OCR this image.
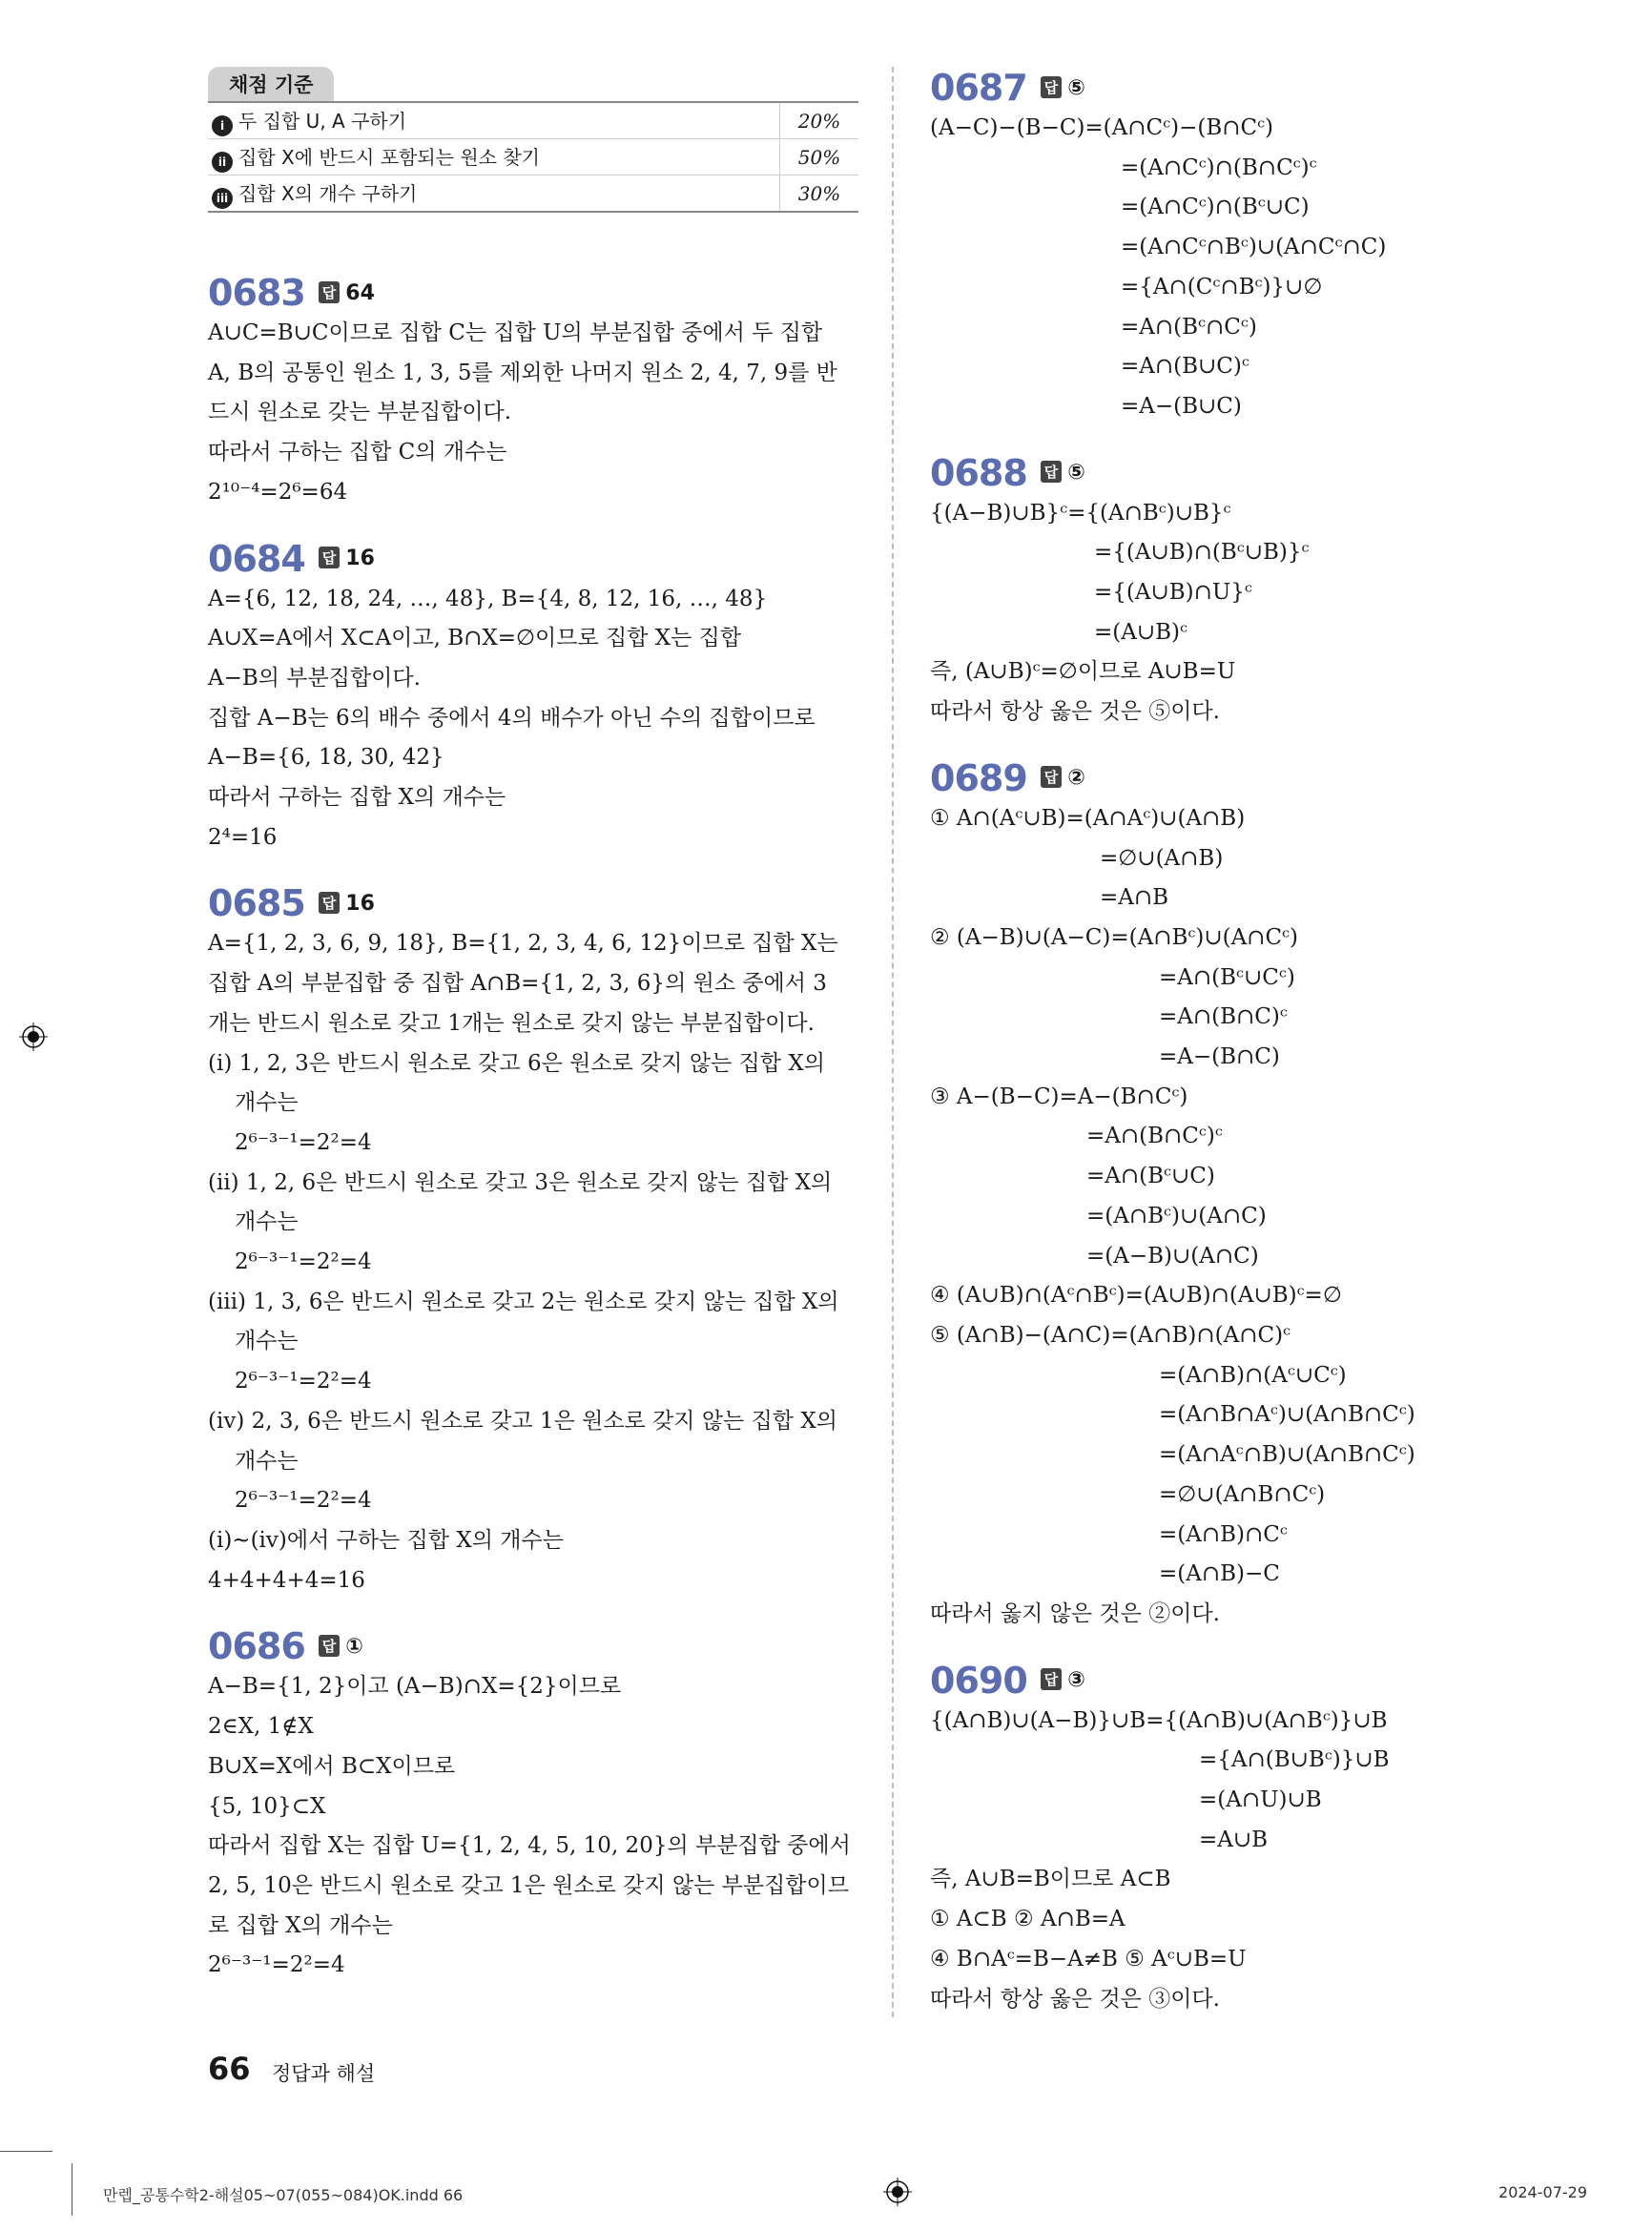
채점 기준
i 두 집합 U, A 구하기	20%
ii 집합 X에 반드시 포함되는 원소 찾기	50%
iii 집합 X의 개수 구하기	30%
0683 답 64
A∪C=B∪C이므로 집합 C는 집합 U의 부분집합 중에서 두 집합
A, B의 공통인 원소 1, 3, 5를 제외한 나머지 원소 2, 4, 7, 9를 반
드시 원소로 갖는 부분집합이다.
따라서 구하는 집합 C의 개수는
2¹⁰⁻⁴=2⁶=64
0684 답 16
A={6, 12, 18, 24, …, 48}, B={4, 8, 12, 16, …, 48}
A∪X=A에서 X⊂A이고, B∩X=∅이므로 집합 X는 집합
A−B의 부분집합이다.
집합 A−B는 6의 배수 중에서 4의 배수가 아닌 수의 집합이므로
A−B={6, 18, 30, 42}
따라서 구하는 집합 X의 개수는
2⁴=16
0685 답 16
A={1, 2, 3, 6, 9, 18}, B={1, 2, 3, 4, 6, 12}이므로 집합 X는
집합 A의 부분집합 중 집합 A∩B={1, 2, 3, 6}의 원소 중에서 3
개는 반드시 원소로 갖고 1개는 원소로 갖지 않는 부분집합이다.
(ⅰ) 1, 2, 3은 반드시 원소로 갖고 6은 원소로 갖지 않는 집합 X의
개수는
2⁶⁻³⁻¹=2²=4
(ⅱ) 1, 2, 6은 반드시 원소로 갖고 3은 원소로 갖지 않는 집합 X의
개수는
2⁶⁻³⁻¹=2²=4
(ⅲ) 1, 3, 6은 반드시 원소로 갖고 2는 원소로 갖지 않는 집합 X의
개수는
2⁶⁻³⁻¹=2²=4
(ⅳ) 2, 3, 6은 반드시 원소로 갖고 1은 원소로 갖지 않는 집합 X의
개수는
2⁶⁻³⁻¹=2²=4
(ⅰ)~(ⅳ)에서 구하는 집합 X의 개수는
4+4+4+4=16
0686 답 ①
A−B={1, 2}이고 (A−B)∩X={2}이므로
2∈X, 1∉X
B∪X=X에서 B⊂X이므로
{5, 10}⊂X
따라서 집합 X는 집합 U={1, 2, 4, 5, 10, 20}의 부분집합 중에서
2, 5, 10은 반드시 원소로 갖고 1은 원소로 갖지 않는 부분집합이므
로 집합 X의 개수는
2⁶⁻³⁻¹=2²=4
0687 답 ⑤
(A−C)−(B−C)=(A∩Cᶜ)−(B∩Cᶜ)
=(A∩Cᶜ)∩(B∩Cᶜ)ᶜ
=(A∩Cᶜ)∩(Bᶜ∪C)
=(A∩Cᶜ∩Bᶜ)∪(A∩Cᶜ∩C)
={A∩(Cᶜ∩Bᶜ)}∪∅
=A∩(Bᶜ∩Cᶜ)
=A∩(B∪C)ᶜ
=A−(B∪C)
0688 답 ⑤
{(A−B)∪B}ᶜ={(A∩Bᶜ)∪B}ᶜ
={(A∪B)∩(Bᶜ∪B)}ᶜ
={(A∪B)∩U}ᶜ
=(A∪B)ᶜ
즉, (A∪B)ᶜ=∅이므로 A∪B=U
따라서 항상 옳은 것은 ⑤이다.
0689 답 ②
① A∩(Aᶜ∪B)=(A∩Aᶜ)∪(A∩B)
=∅∪(A∩B)
=A∩B
② (A−B)∪(A−C)=(A∩Bᶜ)∪(A∩Cᶜ)
=A∩(Bᶜ∪Cᶜ)
=A∩(B∩C)ᶜ
=A−(B∩C)
③ A−(B−C)=A−(B∩Cᶜ)
=A∩(B∩Cᶜ)ᶜ
=A∩(Bᶜ∪C)
=(A∩Bᶜ)∪(A∩C)
=(A−B)∪(A∩C)
④ (A∪B)∩(Aᶜ∩Bᶜ)=(A∪B)∩(A∪B)ᶜ=∅
⑤ (A∩B)−(A∩C)=(A∩B)∩(A∩C)ᶜ
=(A∩B)∩(Aᶜ∪Cᶜ)
=(A∩B∩Aᶜ)∪(A∩B∩Cᶜ)
=(A∩Aᶜ∩B)∪(A∩B∩Cᶜ)
=∅∪(A∩B∩Cᶜ)
=(A∩B)∩Cᶜ
=(A∩B)−C
따라서 옳지 않은 것은 ②이다.
0690 답 ③
{(A∩B)∪(A−B)}∪B={(A∩B)∪(A∩Bᶜ)}∪B
={A∩(B∪Bᶜ)}∪B
=(A∩U)∪B
=A∪B
즉, A∪B=B이므로 A⊂B
① A⊂B ② A∩B=A
④ B∩Aᶜ=B−A≠B ⑤ Aᶜ∪B=U
따라서 항상 옳은 것은 ③이다.
66 정답과 해설
만렙_공통수학2-해설05~07(055~084)OK.indd 66	2024-07-29
